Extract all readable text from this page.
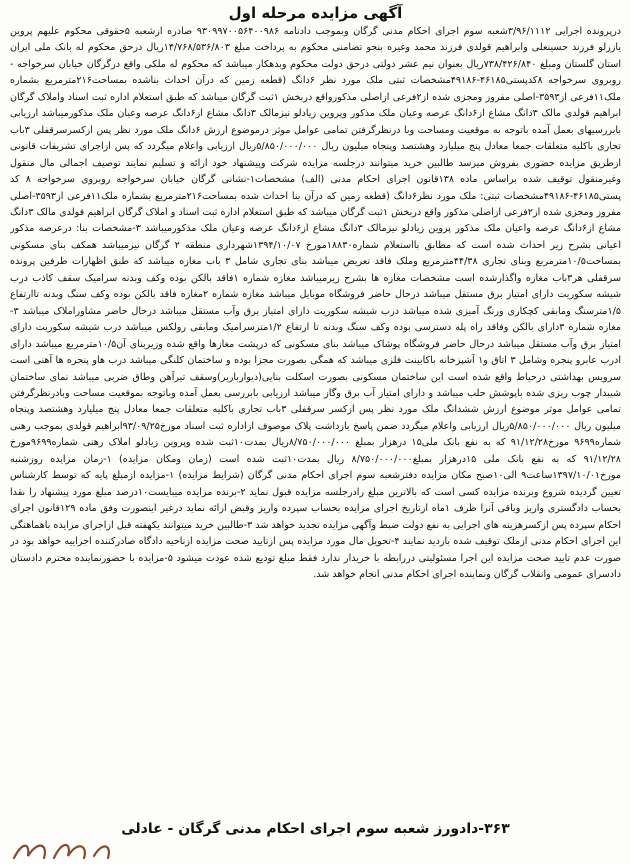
آگهی مزایده مرحله اول
درپرونده اجرایی ۳/۹۶/۱۱۱۲شعبه سوم اجرای احکام مدنی گرگان وبموجب دادنامه ۹۳۰۹۹۷۰۰۵۶۴۰۰۹۸۶ صادره ازشعبه ۵حقوقی محکوم علیهم پروین یازرلو فرزند حسینعلی وابراهیم قولدی فرزند محمد وغیره بنحو تضامنی محکوم به پرداخت مبلغ ۱۴/۷۶۸/۵۳۶/۸۰۳ریال درحق محکوم له بانک ملی ایران استان گلستان ومبلغ ۷۳۸/۴۲۶/۸۴۰ریال بعنوان نیم عشر دولتی درحق دولت محکوم وبدهکار میباشد که محکوم له ملکی واقع درگرگان خیابان سرخواجه - روبروی سرخواجه ۸کدپستی۴۶۱۸۵-۴۹۱۸۶مشخصات ثبتی ملک مورد نظر ۶دانگ (قطعه زمین که درآن احداث بناشده بمساحت۲۱۶مترمربع بشماره ملک۱۱فرعی از۳۵۹۳-اصلی مفروز ومجزی شده از۲فرعی ازاصلی مذکورواقع دربخش ۱ثبت گرگان میباشد که طبق استعلام اداره ثبت اسناد واملاک گرگان ابراهیم قولدی مالک ۳دانگ مشاع از۶دانگ عرصه وعیان ملک مذکور وپروین زیادلو نیزمالک ۳دانگ مشاع از۶دانگ عرصه وعیان ملک مذکورمیباشد ارزیابی بابررسیهای بعمل آمده باتوجه به موقعیت ومساحت وبا درنظرگرفتن تمامی عوامل موثر درموضوع ارزش ۶دانگ ملک مورد نظر پس ازکسرسرقفلی ۳باب تجاری باکلیه متعلقات جمعا معادل پنج میلیارد وهشتصد وپنجاه میلیون ریال ۵/۸۵۰/۰۰۰/۰۰۰ریال ارزیابی واعلام میگردد که پس ازاجرای تشریفات قانونی ازطریق مزایده حضوری بفروش میرسد طالبین خرید میتوانند درجلسه مزایده شرکت وپیشنهاد خود ارائه و تسلیم نمایند توصیف اجمالی مال منقول وغیرمنقول توقیف شده براساس ماده ۱۳۸قانون اجرای احکام مدنی (الف) مشخصات۱-نشانی گرگان خیابان سرخواجه روبروی سرخواجه ۸ کد پستی۴۶۱۸۵-۴۹۱۸۶مشخصات ثبتی: ملک مورد نظر۶دانگ (قطعه زمین که درآن بنا احداث شده بمساحت۲۱۶مترمربع بشماره ملک۱۱فرعی از۳۵۹۳-اصلی مفروز ومجزی شده از۲فرعی ازاصلی مذکور واقع دربخش ۱ثبت گرگان میباشد که طبق استعلام اداره ثبت اسناد و املاک گرگان ابراهیم قولدی مالک ۳دانگ مشاع از۶دانگ عرصه واعیان ملک مذکور پروین زیادلو نیزمالک ۳دانگ مشاع از۶دانگ عرصه وعیان ملک مذکورمیباشد ۳-مشخصات بنا: درعرصه مذکور اعیانی بشرح زیر احداث شده است که مطابق بااستعلام شماره۱۸۸۳۰مورخ ۱۳۹۴/۱۰/۰۷شهرداری منطقه ۲ گرگان نیزمیباشد همکف بنای مسکونی بمساحت۱۰/۵مترمربع وبنای تجاری ۴۴/۳۸مترمربع وملک فاقد تعریض میباشد بنای تجاری شامل ۳ باب مغازه میباشد که طبق اظهارات طرفین پرونده سرقفلی هر۳باب مغازه واگذارشده است مشخصات مغازه ها بشرح زیرمیباشد مغازه شماره ۱فاقد بالکن بوده وکف وبدنه سرامیک سقف کاذب درب شیشه سکوریت دارای امتیاز برق مستقل میباشد درحال حاضر فروشگاه موبایل میباشد مغازه شماره ۲مغازه فاقد بالکن بوده وکف سنگ وبدنه تاارتفاع ۱/۵مترسنگ ومابقی کچکاری ورنگ آمیزی شده میباشد درب شیشه سکوریت دارای امتیاز برق وآب مستقل میباشد درحال حاضر مشاوراملاک میباشد ۳-مغازه شماره ۳دارای بالکن وفاقد راه پله دسترسی بوده وکف سنگ وبدنه تا ارتفاع ۱/۲مترسرامیک ومابقی رولکس میباشد درب شیشه سکوریت دارای امتیاز برق وآب مستقل میباشد درحال حاضر فروشگاه پوشاک میباشد بنای مسکونی که درپشت مغازها واقع شده وزیربنای آن۱۰/۵مترمربع میباشد دارای ادرب عابرو پنجره وشامل ۳ اتاق و۱ آشپزخانه باکابینت فلزی میباشد که همگی بصورت مجزا بوده و ساختمان کلنگی میباشد درب هاو پنجره ها آهنی است سرویس بهداشتی درحیاط واقع شده است این ساختمان مسکونی بصورت اسکلت بنایی(دیوارباربر)وسقف تیرآهن وطاق ضربی میباشد نمای ساختمان شیبدار چوب ریزی شده باپوشش حلب میباشد و دارای امتیاز آب برق وگاز میباشد ارزیابی بابررسی بعمل آمده وباتوجه بموقعیت مساحت وبادرنظرگرفتن تمامی عوامل موثر موضوع ارزش ششدانگ ملک مورد نظر پس ازکسر سرقفلی ۳باب تجاری باکلیه متعلقات جمعا معادل پنج میلیارد وهشتصد وپنجاه میلیون ریال ۵/۸۵۰/۰۰۰/۰۰۰ریال ارزیابی واعلام میگردد ضمن پاسخ بازداشت پلاک موصوف ازاداره ثبت اسناد مورخ۹۳/۰۹/۲۵ابراهیم قولدی بموجب رهنی شماره۹۶۹۹ مورخ۹۱/۱۲/۲۸ که به نفع بانک ملی۱۵ درهزار بمبلغ ۸/۷۵۰/۰۰۰/۰۰۰ریال بمدت۱۰ثبت شده وپروین زیادلو املاک رهنی شماره۹۶۹۹مورخ ۹۱/۱۲/۲۸ که به نفع بانک ملی ۱۵درهزار بمبلغ۸/۷۵۰/۰۰۰/۰۰۰ ریال بمدت۱۰ثبت شده است (زمان ومکان مزایده) ۱-زمان مزایده روزشنبه مورخ۱۳۹۷/۱۰/۰۱ساعت۹ الی۱۰صبح مکان مزایده دفترشعبه سوم اجرای احکام مدنی گرگان (شرایط مزایده) ۱-مزایده ازمبلغ پایه که توسط کارشناس تعیین گردیده شروع وبرنده مزایده کسی است که بالاترین مبلغ رادرجلسه مزایده قبول نماید ۲-برنده مزایده میبایست۱۰درصد مبلغ مورد پیشنهاد را نقدا بحساب دادگستری واریز وباقی آنرا ظرف ۱ماه ازتاریخ اجرای مزایده بحساب سپرده واریز وقبض ارائه نماید درغیر اینصورت وفق ماده ۱۲۹قانون اجرای احکام سپرده پس ازکسرهزینه های اجرایی به نفع دولت ضبط وآگهی مزایده تجدید خواهد شد ۳-طالبین خرید میتوانند یکهفته قبل ازاجرای مزایده باهماهنگی این اجرای احکام مدنی ازملک توقیف شده بازدید نمایند ۴-تحویل مال مورد مزایده پس ازتایید صحت مزایده ازناحیه دادگاه صادرکننده اجراییه خواهد بود در صورت عدم تایید صحت مزایده این اجرا مسئولیتی دررابطه با خریدار ندارد فقط مبلغ تودیع شده عودت میشود ۵-مزایده با حضورنماینده محترم دادستان دادسرای عمومی وانقلاب گرگان ونماینده اجرای احکام مدنی انجام خواهد شد.
۳۶۳-دادورز شعبه سوم اجرای احکام مدنی گرگان - عادلی
